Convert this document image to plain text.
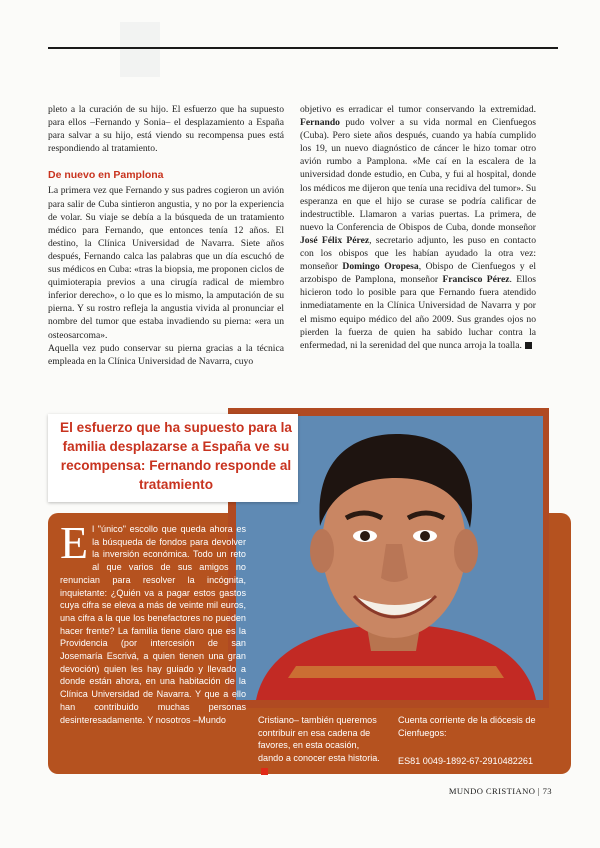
pleto a la curación de su hijo. El esfuerzo que ha supuesto para ellos –Fernando y Sonia– el desplazamiento a España para salvar a su hijo, está viendo su recompensa pues está respondiendo al tratamiento.

De nuevo en Pamplona

La primera vez que Fernando y sus padres cogieron un avión para salir de Cuba sintieron angustia, y no por la experiencia de volar. Su viaje se debía a la búsqueda de un tratamiento médico para Fernando, que entonces tenía 12 años. El destino, la Clínica Universidad de Navarra. Siete años después, Fernando calca las palabras que un día escuchó de sus médicos en Cuba: «tras la biopsia, me proponen ciclos de quimioterapia previos a una cirugía radical de miembro inferior derecho», o lo que es lo mismo, la amputación de su pierna. Y su rostro refleja la angustia vivida al pronunciar el nombre del tumor que estaba invadiendo su pierna: «era un osteosarcoma».

Aquella vez pudo conservar su pierna gracias a la técnica empleada en la Clínica Universidad de Navarra, cuyo

objetivo es erradicar el tumor conservando la extremidad. Fernando pudo volver a su vida normal en Cienfuegos (Cuba). Pero siete años después, cuando ya había cumplido los 19, un nuevo diagnóstico de cáncer le hizo tomar otro avión rumbo a Pamplona. «Me caí en la escalera de la universidad donde estudio, en Cuba, y fui al hospital, donde los médicos me dijeron que tenía una recidiva del tumor». Su esperanza en que el hijo se curase se podría calificar de indestructible. Llamaron a varias puertas. La primera, de nuevo la Conferencia de Obispos de Cuba, donde monseñor José Félix Pérez, secretario adjunto, les puso en contacto con los obispos que les habían ayudado la otra vez: monseñor Domingo Oropesa, Obispo de Cienfuegos y el arzobispo de Pamplona, monseñor Francisco Pérez. Ellos hicieron todo lo posible para que Fernando fuera atendido inmediatamente en la Clínica Universidad de Navarra y por el mismo equipo médico del año 2009. Sus grandes ojos no pierden la fuerza de quien ha sabido luchar contra la enfermedad, ni la serenidad del que nunca arroja la toalla.

El esfuerzo que ha supuesto para la familia desplazarse a España ve su recompensa: Fernando responde al tratamiento

E l "único" escollo que queda ahora es la búsqueda de fondos para devolver la inversión económica. Todo un reto al que varios de sus amigos no renuncian para resolver la incógnita, inquietante: ¿Quién va a pagar estos gastos cuya cifra se eleva a más de veinte mil euros, una cifra a la que los benefactores no pueden hacer frente? La familia tiene claro que es la Providencia (por intercesión de san Josemaría Escrivá, a quien tienen una gran devoción) quien les hay guiado y llevado a donde están ahora, en una habitación de la Clínica Universidad de Navarra. Y que a ello han contribuido muchas personas desinteresadamente. Y nosotros –Mundo	Cristiano– también queremos contribuir en esa cadena de favores, en esta ocasión, dando a conocer esta historia.

Cuenta corriente de la diócesis de Cienfuegos:

ES81 0049-1892-67-2910482261

MUNDO CRISTIANO | 73
